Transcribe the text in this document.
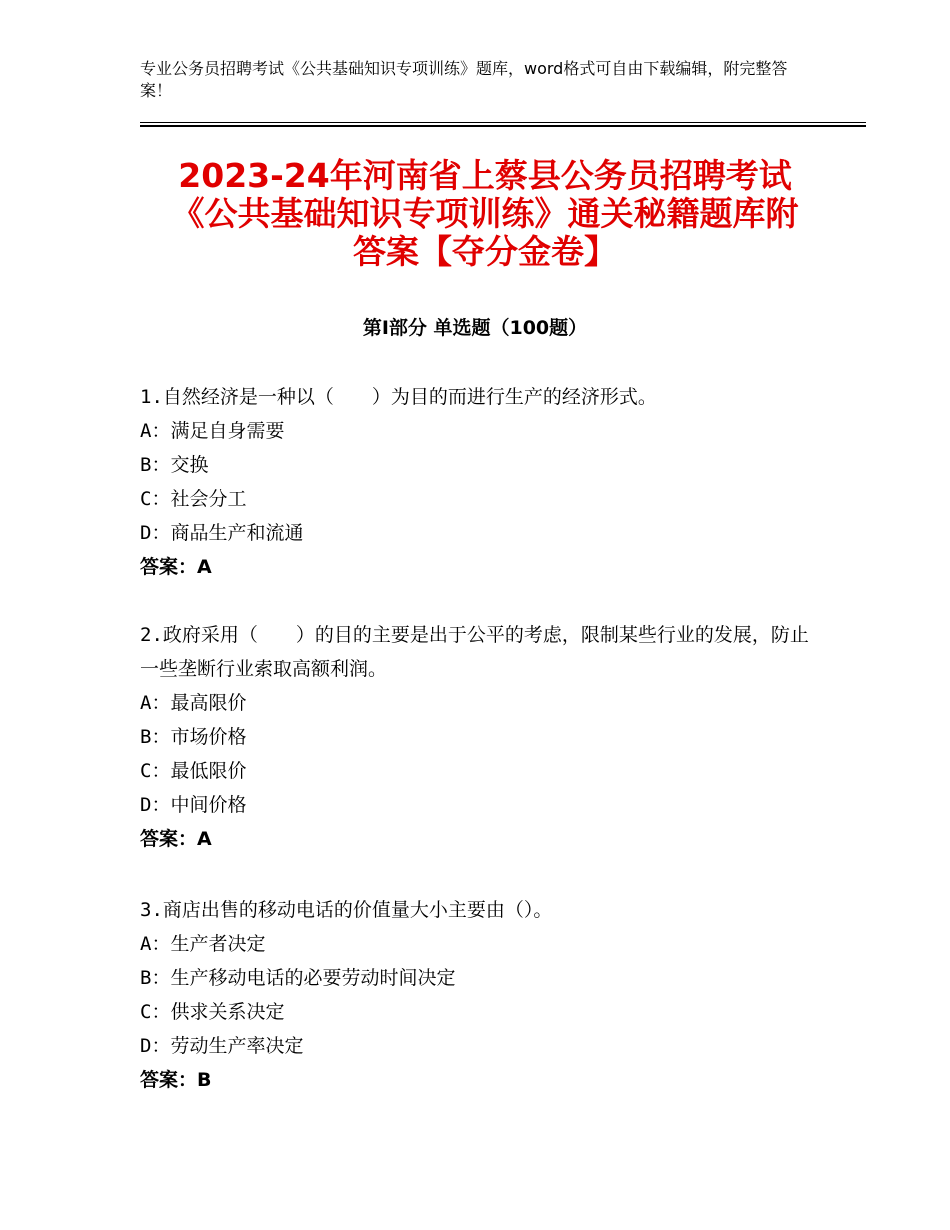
专业公务员招聘考试《公共基础知识专项训练》题库，word格式可自由下载编辑，附完整答案！
2023-24年河南省上蔡县公务员招聘考试
《公共基础知识专项训练》通关秘籍题库附
答案【夺分金卷】
第Ⅰ部分 单选题（100题）
1.自然经济是一种以（　　）为目的而进行生产的经济形式。
A：满足自身需要
B：交换
C：社会分工
D：商品生产和流通
答案：A
2.政府采用（　　）的目的主要是出于公平的考虑，限制某些行业的发展，防止一些垄断行业索取高额利润。
A：最高限价
B：市场价格
C：最低限价
D：中间价格
答案：A
3.商店出售的移动电话的价值量大小主要由（）。
A：生产者决定
B：生产移动电话的必要劳动时间决定
C：供求关系决定
D：劳动生产率决定
答案：B
